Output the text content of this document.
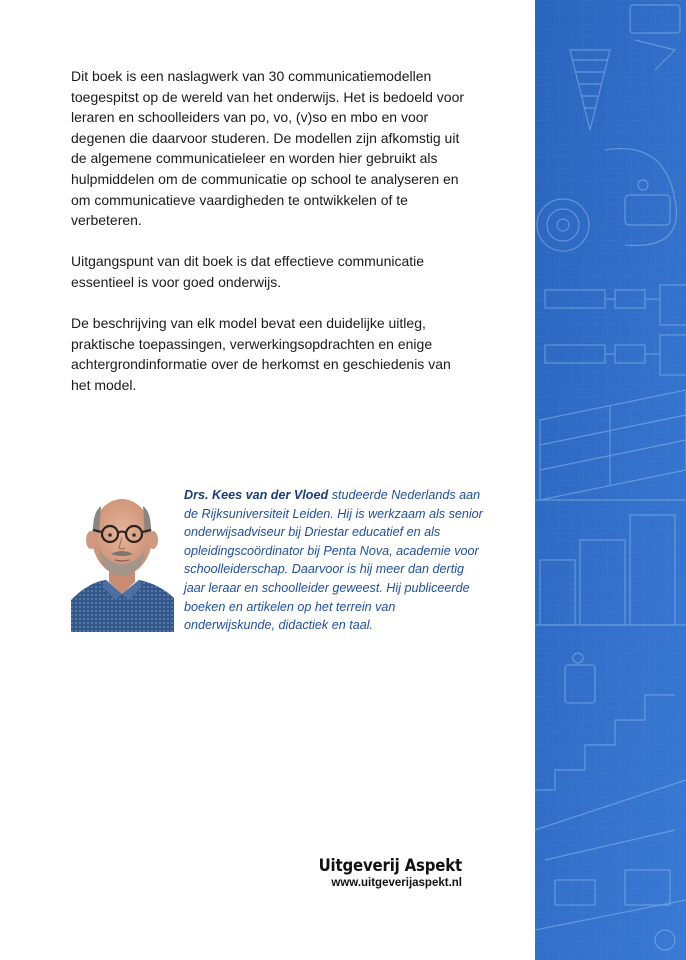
Dit boek is een naslagwerk van 30 communicatiemodellen toegespitst op de wereld van het onderwijs. Het is bedoeld voor leraren en schoolleiders van po, vo, (v)so en mbo en voor degenen die daarvoor studeren. De modellen zijn afkomstig uit de algemene communicatieleer en worden hier gebruikt als hulpmiddelen om de communicatie op school te analyseren en om communicatieve vaardigheden te ontwikkelen of te verbeteren.

Uitgangspunt van dit boek is dat effectieve communicatie essentieel is voor goed onderwijs.

De beschrijving van elk model bevat een duidelijke uitleg, praktische toepassingen, verwerkingsopdrachten en enige achtergrondinformatie over de herkomst en geschiedenis van het model.

Drs. Kees van der Vloed studeerde Nederlands aan de Rijksuniversiteit Leiden. Hij is werkzaam als senior onderwijsadviseur bij Driestar educatief en als opleidingscoördinator bij Penta Nova, academie voor schoolleiderschap. Daarvoor is hij meer dan dertig jaar leraar en schoolleider geweest. Hij publiceerde boeken en artikelen op het terrein van onderwijskunde, didactiek en taal.
Uitgeverij Aspekt
www.uitgeverijaspekt.nl
